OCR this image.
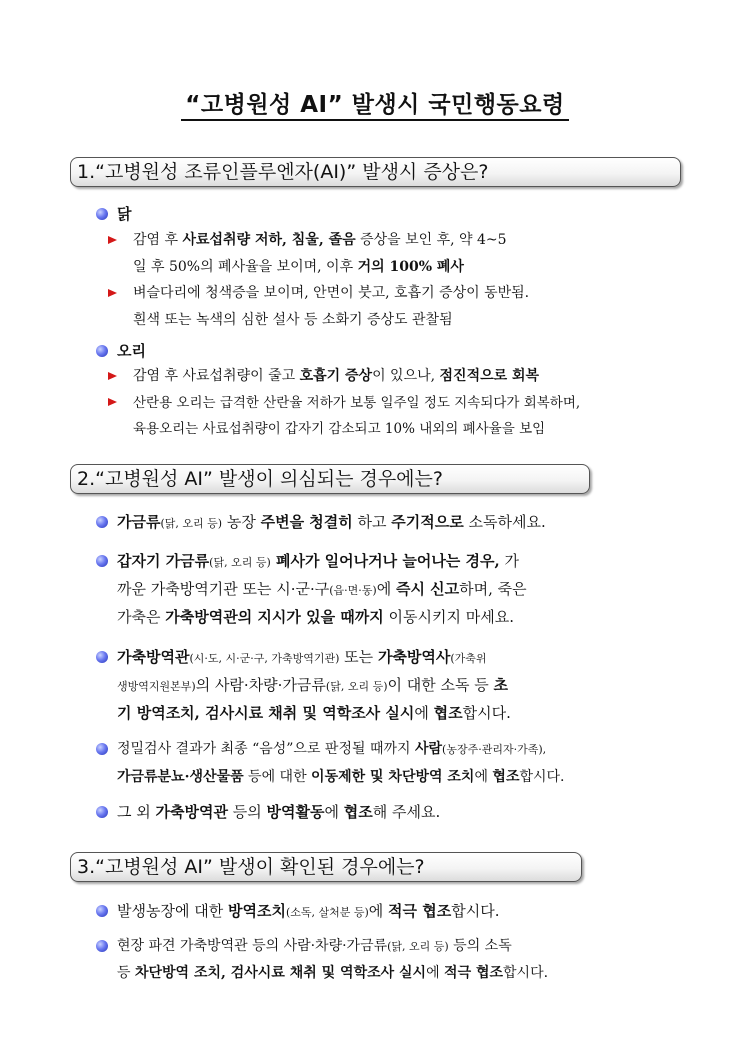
“고병원성 AI” 발생시 국민행동요령
1.“고병원성 조류인플루엔자(AI)” 발생시 증상은?
닭
감염 후 사료섭취량 저하, 침울, 졸음 증상을 보인 후, 약 4~5
일 후 50%의 폐사율을 보이며, 이후 거의 100% 폐사
벼슬다리에 청색증을 보이며, 안면이 붓고, 호흡기 증상이 동반됨.
흰색 또는 녹색의 심한 설사 등 소화기 증상도 관찰됨
오리
감염 후 사료섭취량이 줄고 호흡기 증상이 있으나, 점진적으로 회복
산란용 오리는 급격한 산란율 저하가 보통 일주일 정도 지속되다가 회복하며,
육용오리는 사료섭취량이 갑자기 감소되고 10% 내외의 폐사율을 보임
2.“고병원성 AI” 발생이 의심되는 경우에는?
가금류(닭, 오리 등) 농장 주변을 청결히 하고 주기적으로 소독하세요.
갑자기 가금류(닭, 오리 등) 폐사가 일어나거나 늘어나는 경우, 가
까운 가축방역기관 또는 시·군·구(읍·면·동)에 즉시 신고하며, 죽은
가축은 가축방역관의 지시가 있을 때까지 이동시키지 마세요.
가축방역관(시·도, 시·군·구, 가축방역기관) 또는 가축방역사(가축위
생방역지원본부)의 사람·차량·가금류(닭, 오리 등)이 대한 소독 등 초
기 방역조치, 검사시료 채취 및 역학조사 실시에 협조합시다.
정밀검사 결과가 최종 “음성”으로 판정될 때까지 사람(농장주·관리자·가족),
가금류분뇨·생산물품 등에 대한 이동제한 및 차단방역 조치에 협조합시다.
그 외 가축방역관 등의 방역활동에 협조해 주세요.
3.“고병원성 AI” 발생이 확인된 경우에는?
발생농장에 대한 방역조치(소독, 살처분 등)에 적극 협조합시다.
현장 파견 가축방역관 등의 사람·차량·가금류(닭, 오리 등) 등의 소독
등 차단방역 조치, 검사시료 채취 및 역학조사 실시에 적극 협조합시다.
